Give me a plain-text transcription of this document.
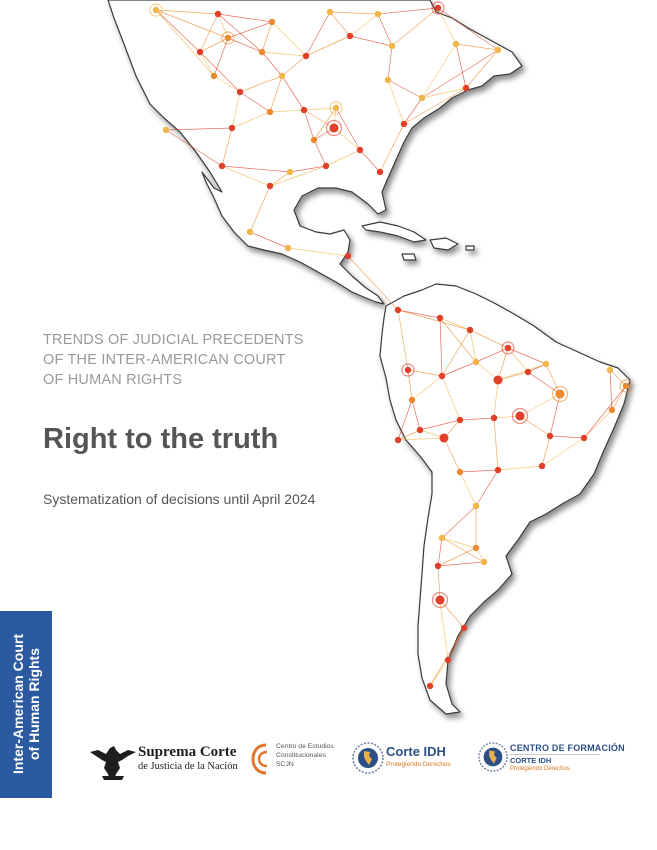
TRENDS OF JUDICIAL PRECEDENTS
OF THE INTER-AMERICAN COURT
OF HUMAN RIGHTS
Right to the truth
Systematization of decisions until April 2024
Inter-American Court of Human Rights	Suprema Corte
de Justicia de la Nación
Centro de Estudios
Constitucionales
SCJN
Corte IDH
Protegiendo Derechos
CENTRO DE FORMACIÓN
CORTE IDH
Protegiendo Derechos
